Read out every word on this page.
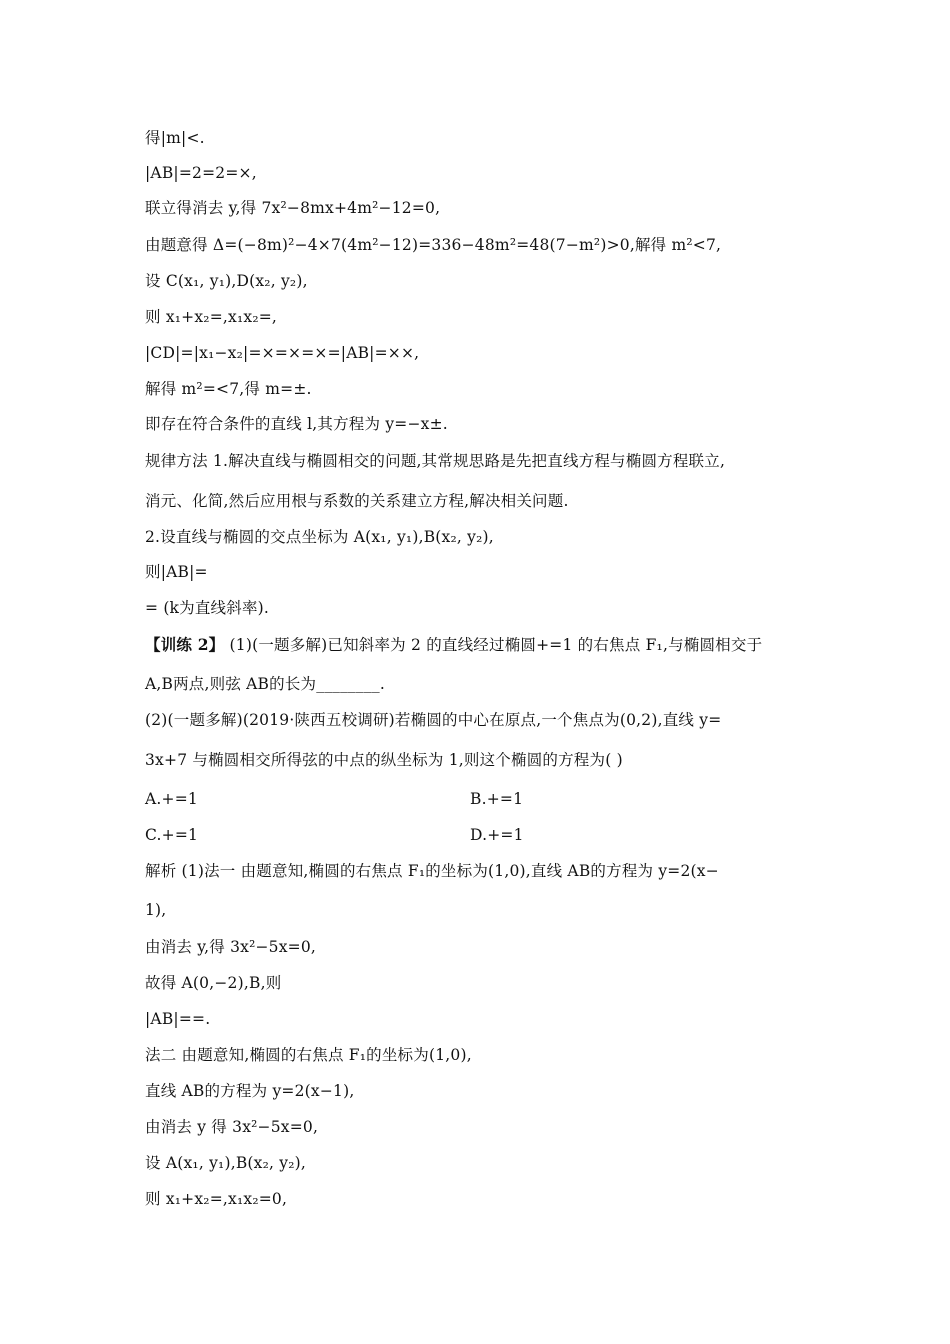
得|m|<.
|AB|=2=2=×,
联立得消去 y,得 7x²−8mx+4m²−12=0,
由题意得 Δ=(−8m)²−4×7(4m²−12)=336−48m²=48(7−m²)>0,解得 m²<7,
设 C(x₁, y₁),D(x₂, y₂),
则 x₁+x₂=,x₁x₂=,
|CD|=|x₁−x₂|=×=×=×=|AB|=××,
解得 m²=<7,得 m=±.
即存在符合条件的直线 l,其方程为 y=−x±.
规律方法 1.解决直线与椭圆相交的问题,其常规思路是先把直线方程与椭圆方程联立,
消元、化简,然后应用根与系数的关系建立方程,解决相关问题.
2.设直线与椭圆的交点坐标为 A(x₁, y₁),B(x₂, y₂),
则|AB|=
= (k为直线斜率).
【训练 2】 (1)(一题多解)已知斜率为 2 的直线经过椭圆+=1 的右焦点 F₁,与椭圆相交于
A,B两点,则弦 AB的长为________.
(2)(一题多解)(2019·陕西五校调研)若椭圆的中心在原点,一个焦点为(0,2),直线 y=
3x+7 与椭圆相交所得弦的中点的纵坐标为 1,则这个椭圆的方程为( )
A.+=1	B.+=1
C.+=1	D.+=1
解析 (1)法一 由题意知,椭圆的右焦点 F₁的坐标为(1,0),直线 AB的方程为 y=2(x−
1),
由消去 y,得 3x²−5x=0,
故得 A(0,−2),B,则
|AB|==.
法二 由题意知,椭圆的右焦点 F₁的坐标为(1,0),
直线 AB的方程为 y=2(x−1),
由消去 y 得 3x²−5x=0,
设 A(x₁, y₁),B(x₂, y₂),
则 x₁+x₂=,x₁x₂=0,
